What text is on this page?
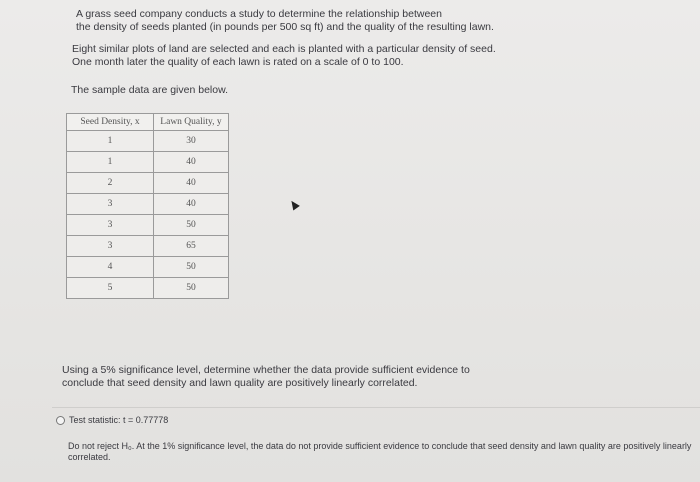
A grass seed company conducts a study to determine the relationship between
the density of seeds planted (in pounds per 500 sq ft) and the quality of the resulting lawn.
Eight similar plots of land are selected and each is planted with a particular density of seed.
One month later the quality of each lawn is rated on a scale of 0 to 100.
The sample data are given below.
Seed Density, x	Lawn Quality, y
1	30
1	40
2	40
3	40
3	50
3	65
4	50
5	50
Using a 5% significance level, determine whether the data provide sufficient evidence to
conclude that seed density and lawn quality are positively linearly correlated.
Test statistic: t = 0.77778
Do not reject H₀. At the 1% significance level, the data do not provide sufficient evidence to conclude that seed density and lawn quality are positively linearly correlated.
